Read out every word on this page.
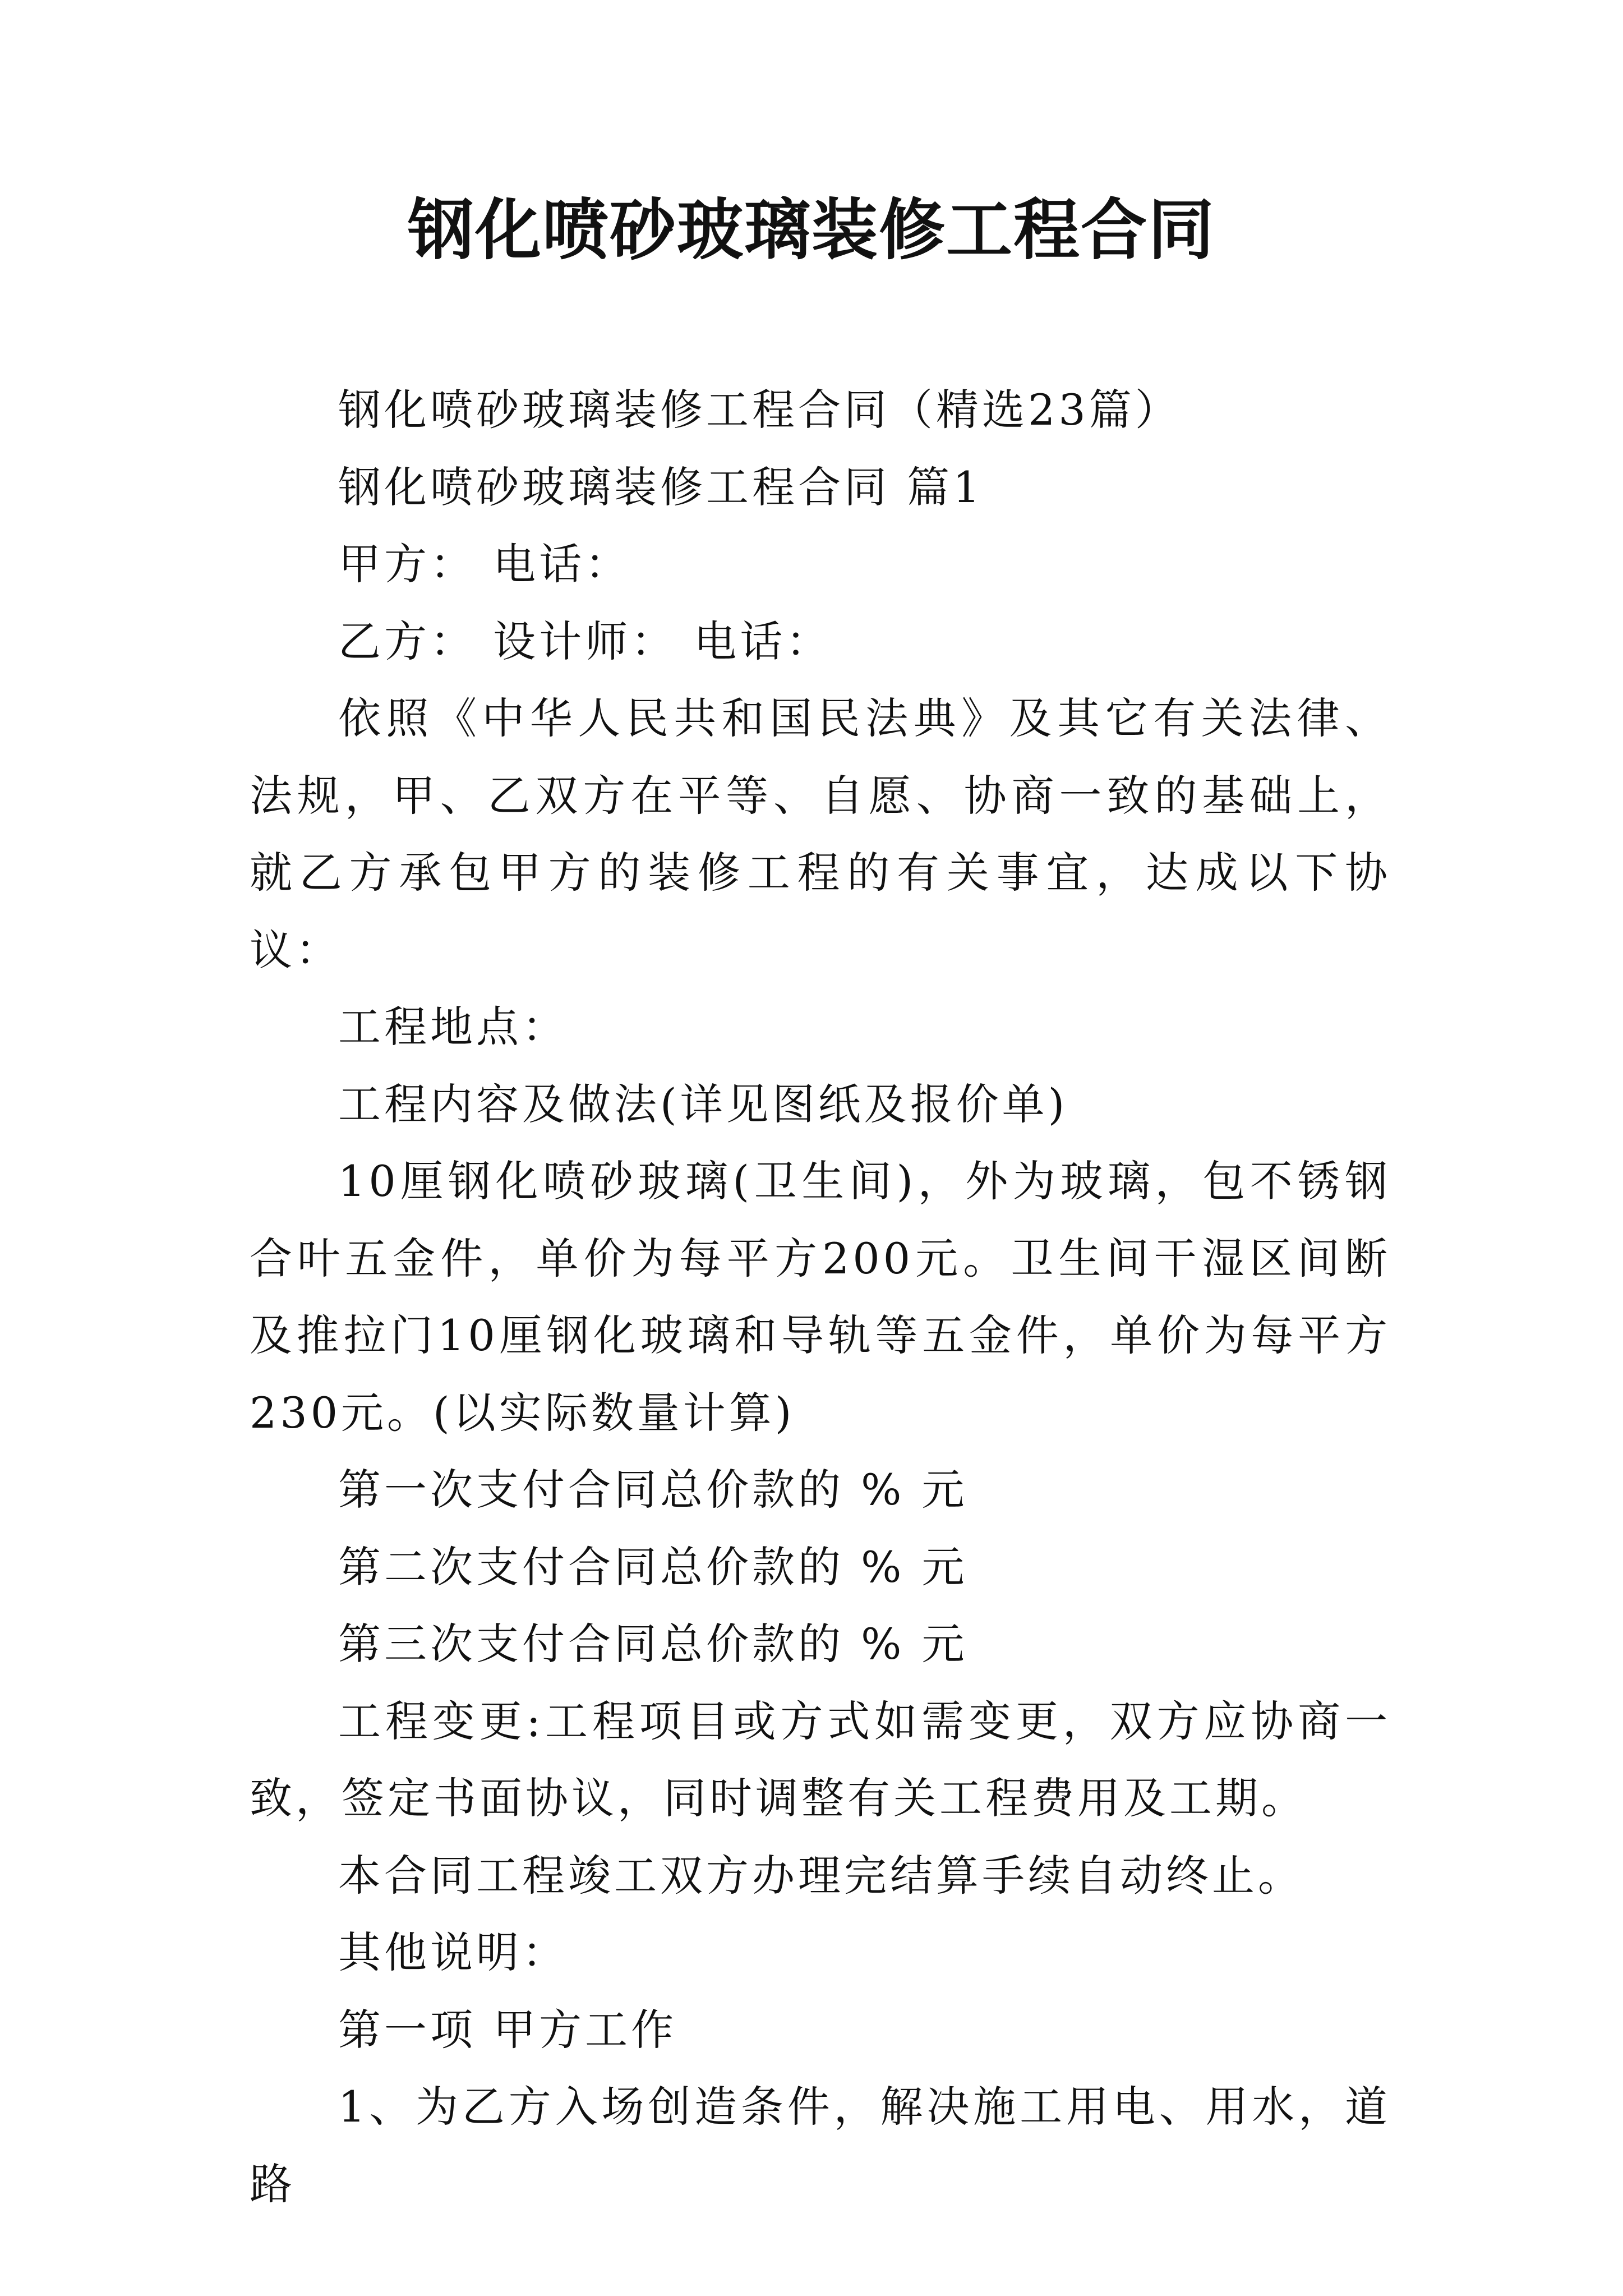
钢化喷砂玻璃装修工程合同

钢化喷砂玻璃装修工程合同（精选23篇）

钢化喷砂玻璃装修工程合同 篇1

甲方： 电话：

乙方： 设计师： 电话：

依照《中华人民共和国民法典》及其它有关法律、法规，甲、乙双方在平等、自愿、协商一致的基础上，就乙方承包甲方的装修工程的有关事宜，达成以下协议：

工程地点：

工程内容及做法(详见图纸及报价单)

10厘钢化喷砂玻璃(卫生间)，外为玻璃，包不锈钢合叶五金件，单价为每平方200元。卫生间干湿区间断及推拉门10厘钢化玻璃和导轨等五金件，单价为每平方230元。(以实际数量计算)

第一次支付合同总价款的 % 元

第二次支付合同总价款的 % 元

第三次支付合同总价款的 % 元

工程变更:工程项目或方式如需变更，双方应协商一致，签定书面协议，同时调整有关工程费用及工期。

本合同工程竣工双方办理完结算手续自动终止。

其他说明：

第一项 甲方工作

1、为乙方入场创造条件，解决施工用电、用水，道路
